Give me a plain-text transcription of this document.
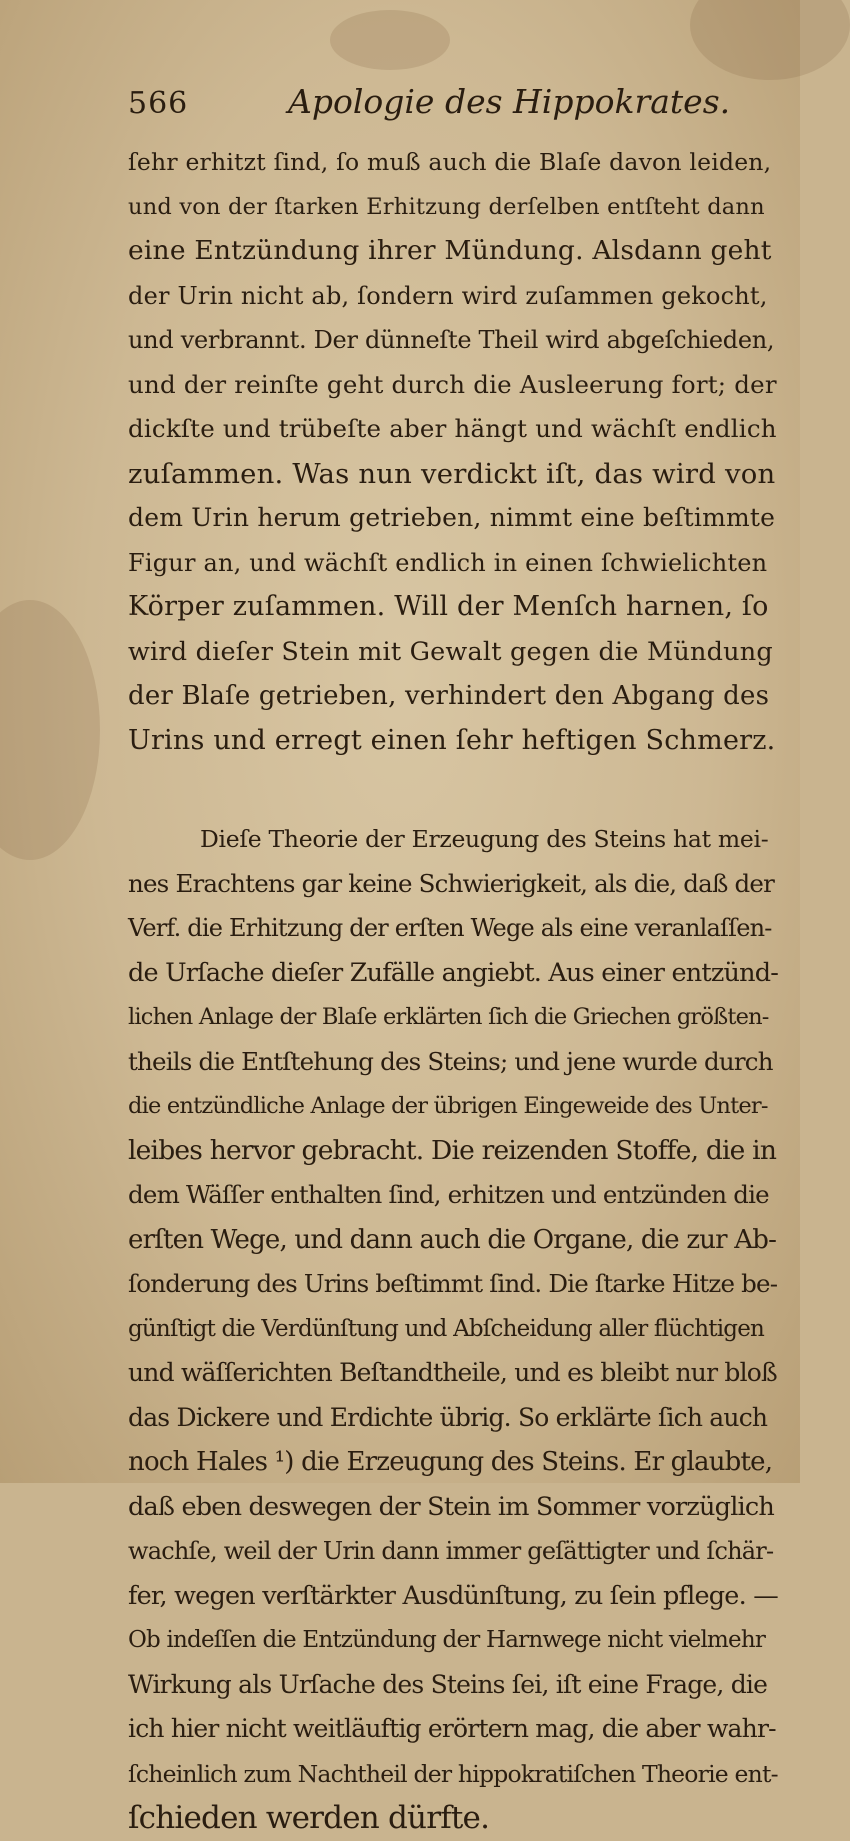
566	Apologie des Hippokrates.
ſehr erhitzt ſind, ſo muß auch die Blaſe davon leiden,
und von der ſtarken Erhitzung derſelben entſteht dann
eine Entzündung ihrer Mündung. Alsdann geht
der Urin nicht ab, ſondern wird zuſammen gekocht,
und verbrannt. Der dünneſte Theil wird abgeſchieden,
und der reinſte geht durch die Ausleerung fort; der
dickſte und trübeſte aber hängt und wächſt endlich
zuſammen. Was nun verdickt iſt, das wird von
dem Urin herum getrieben, nimmt eine beſtimmte
Figur an, und wächſt endlich in einen ſchwielichten
Körper zuſammen. Will der Menſch harnen, ſo
wird dieſer Stein mit Gewalt gegen die Mündung
der Blaſe getrieben, verhindert den Abgang des
Urins und erregt einen ſehr heftigen Schmerz.
Dieſe Theorie der Erzeugung des Steins hat mei-
nes Erachtens gar keine Schwierigkeit, als die, daß der
Verf. die Erhitzung der erſten Wege als eine veranlaſſen-
de Urſache dieſer Zufälle angiebt. Aus einer entzünd-
lichen Anlage der Blaſe erklärten ſich die Griechen größten-
theils die Entſtehung des Steins; und jene wurde durch
die entzündliche Anlage der übrigen Eingeweide des Unter-
leibes hervor gebracht. Die reizenden Stoffe, die in
dem Wäſſer enthalten ſind, erhitzen und entzünden die
erſten Wege, und dann auch die Organe, die zur Ab-
ſonderung des Urins beſtimmt ſind. Die ſtarke Hitze be-
günſtigt die Verdünſtung und Abſcheidung aller flüchtigen
und wäſſerichten Beſtandtheile, und es bleibt nur bloß
das Dickere und Erdichte übrig. So erklärte ſich auch
noch Hales ¹) die Erzeugung des Steins. Er glaubte,
daß eben deswegen der Stein im Sommer vorzüglich
wachſe, weil der Urin dann immer geſättigter und ſchär-
fer, wegen verſtärkter Ausdünſtung, zu ſein pflege. —
Ob indeſſen die Entzündung der Harnwege nicht vielmehr
Wirkung als Urſache des Steins ſei, iſt eine Frage, die
ich hier nicht weitläuftig erörtern mag, die aber wahr-
ſcheinlich zum Nachtheil der hippokratiſchen Theorie ent-
ſchieden werden dürfte.
